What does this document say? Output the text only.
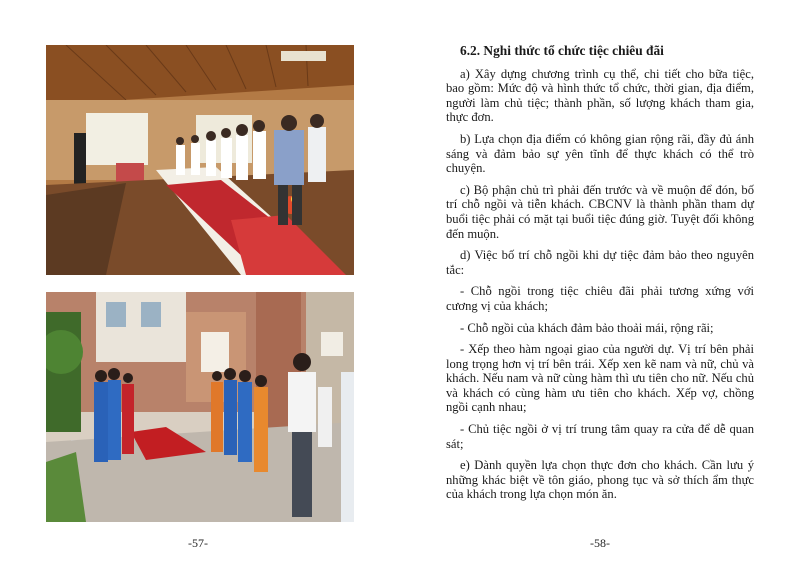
-57-
6.2. Nghi thức tổ chức tiệc chiêu đãi

a) Xây dựng chương trình cụ thể, chi tiết cho bữa tiệc, bao gồm: Mức độ và hình thức tổ chức, thời gian, địa điểm, người làm chủ tiệc; thành phần, số lượng khách tham gia, thực đơn.

b) Lựa chọn địa điểm có không gian rộng rãi, đầy đủ ánh sáng và đảm bảo sự yên tĩnh để thực khách có thể trò chuyện.

c) Bộ phận chủ trì phải đến trước và về muộn để đón, bố trí chỗ ngồi và tiễn khách. CBCNV là thành phần tham dự buổi tiệc phải có mặt tại buổi tiệc đúng giờ. Tuyệt đối không đến muộn.

d) Việc bố trí chỗ ngồi khi dự tiệc đảm bảo theo nguyên tắc:

- Chỗ ngồi trong tiệc chiêu đãi phải tương xứng với cương vị của khách;

- Chỗ ngồi của khách đảm bảo thoải mái, rộng rãi;

- Xếp theo hàm ngoại giao của người dự. Vị trí bên phải long trọng hơn vị trí bên trái. Xếp xen kẽ nam và nữ, chủ và khách. Nếu nam và nữ cùng hàm thì ưu tiên cho nữ. Nếu chủ và khách có cùng hàm ưu tiên cho khách. Xếp vợ, chồng ngồi cạnh nhau;

- Chủ tiệc ngồi ở vị trí trung tâm quay ra cửa để dễ quan sát;

e) Dành quyền lựa chọn thực đơn cho khách. Cần lưu ý những khác biệt về tôn giáo, phong tục và sở thích ẩm thực của khách trong lựa chọn món ăn.

-58-
